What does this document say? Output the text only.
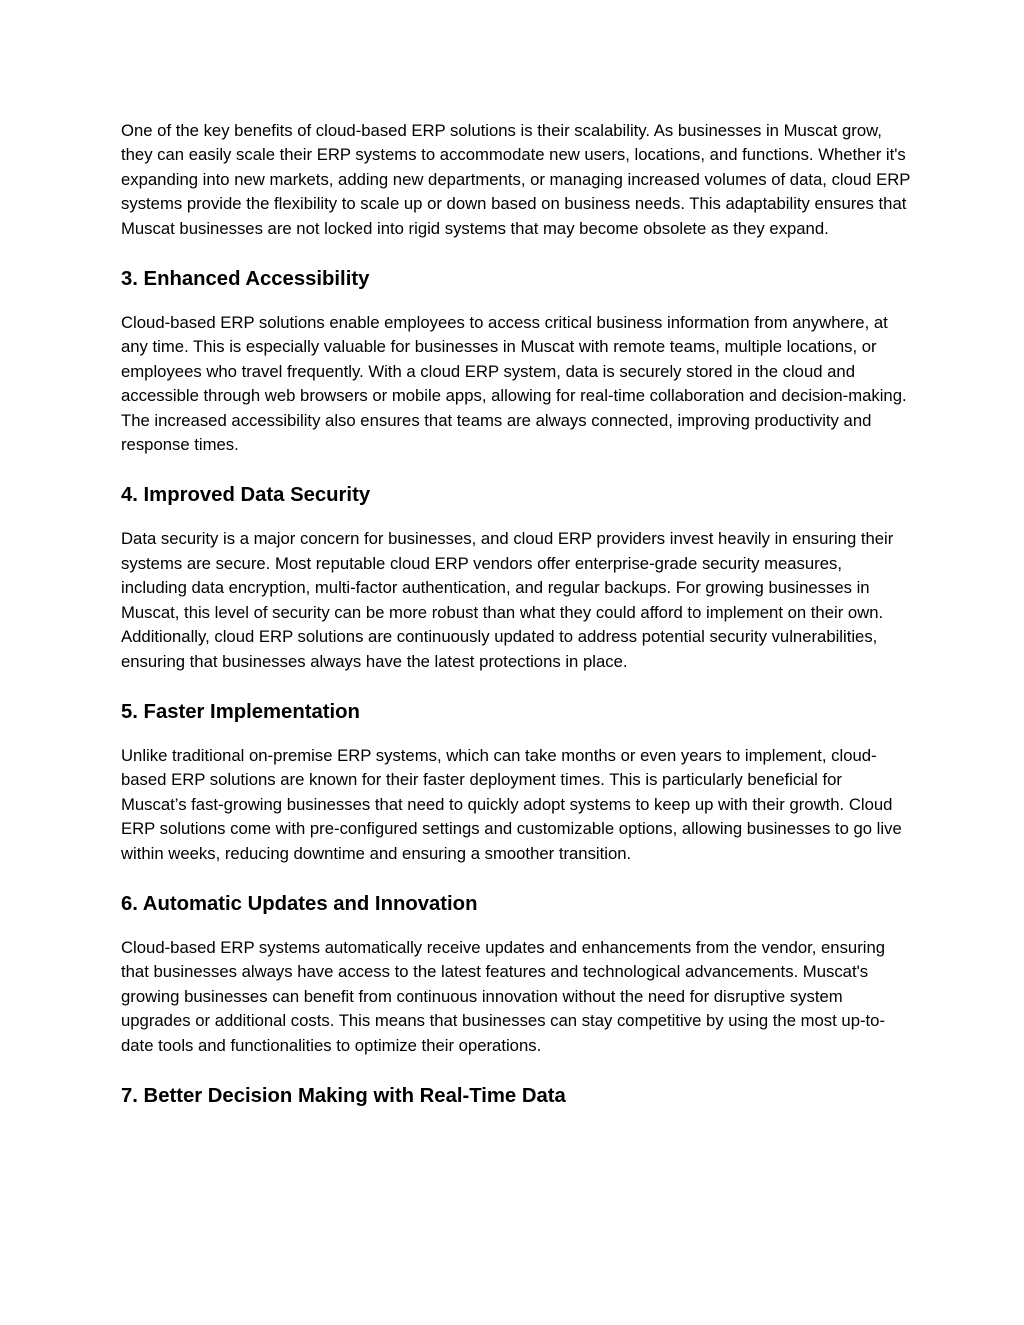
One of the key benefits of cloud-based ERP solutions is their scalability. As businesses in Muscat grow, they can easily scale their ERP systems to accommodate new users, locations, and functions. Whether it's expanding into new markets, adding new departments, or managing increased volumes of data, cloud ERP systems provide the flexibility to scale up or down based on business needs. This adaptability ensures that Muscat businesses are not locked into rigid systems that may become obsolete as they expand.

3. Enhanced Accessibility

Cloud-based ERP solutions enable employees to access critical business information from anywhere, at any time. This is especially valuable for businesses in Muscat with remote teams, multiple locations, or employees who travel frequently. With a cloud ERP system, data is securely stored in the cloud and accessible through web browsers or mobile apps, allowing for real-time collaboration and decision-making. The increased accessibility also ensures that teams are always connected, improving productivity and response times.

4. Improved Data Security

Data security is a major concern for businesses, and cloud ERP providers invest heavily in ensuring their systems are secure. Most reputable cloud ERP vendors offer enterprise-grade security measures, including data encryption, multi-factor authentication, and regular backups. For growing businesses in Muscat, this level of security can be more robust than what they could afford to implement on their own. Additionally, cloud ERP solutions are continuously updated to address potential security vulnerabilities, ensuring that businesses always have the latest protections in place.

5. Faster Implementation

Unlike traditional on-premise ERP systems, which can take months or even years to implement, cloud-based ERP solutions are known for their faster deployment times. This is particularly beneficial for Muscat’s fast-growing businesses that need to quickly adopt systems to keep up with their growth. Cloud ERP solutions come with pre-configured settings and customizable options, allowing businesses to go live within weeks, reducing downtime and ensuring a smoother transition.

6. Automatic Updates and Innovation

Cloud-based ERP systems automatically receive updates and enhancements from the vendor, ensuring that businesses always have access to the latest features and technological advancements. Muscat's growing businesses can benefit from continuous innovation without the need for disruptive system upgrades or additional costs. This means that businesses can stay competitive by using the most up-to-date tools and functionalities to optimize their operations.

7. Better Decision Making with Real-Time Data
